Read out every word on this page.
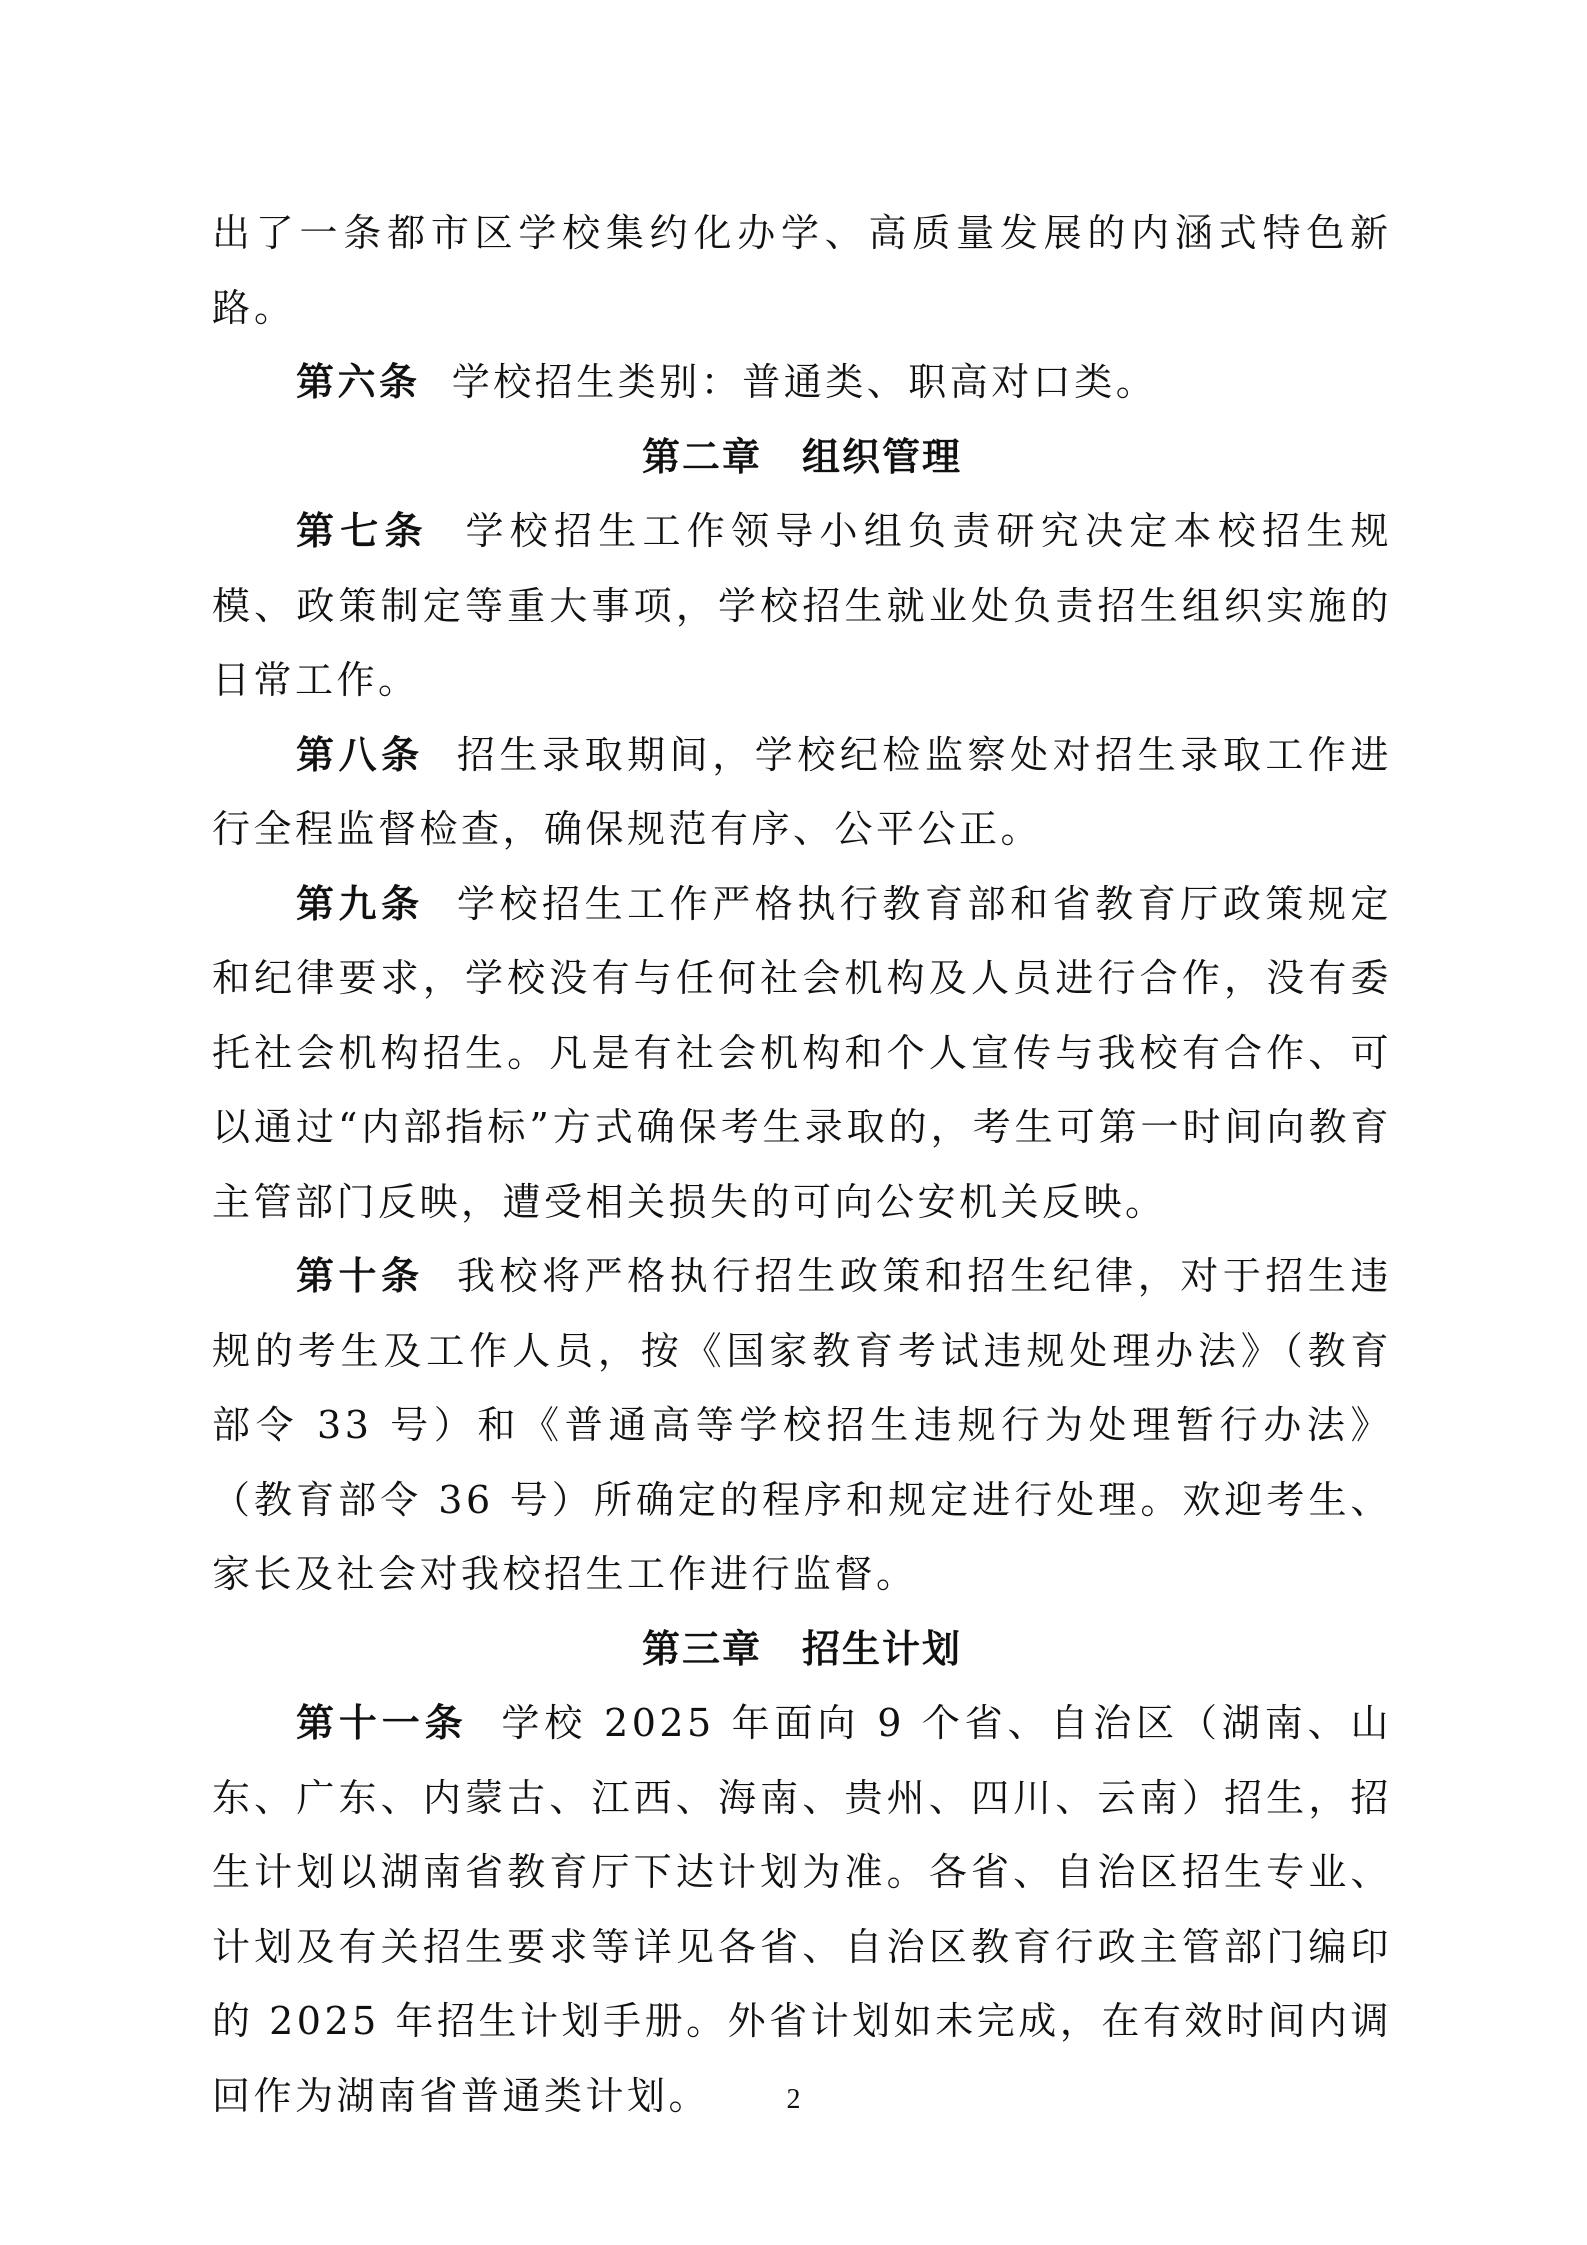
出了一条都市区学校集约化办学、高质量发展的内涵式特色新路。

第六条 学校招生类别：普通类、职高对口类。

第二章　组织管理

第七条 学校招生工作领导小组负责研究决定本校招生规模、政策制定等重大事项，学校招生就业处负责招生组织实施的日常工作。

第八条 招生录取期间，学校纪检监察处对招生录取工作进行全程监督检查，确保规范有序、公平公正。

第九条 学校招生工作严格执行教育部和省教育厅政策规定和纪律要求，学校没有与任何社会机构及人员进行合作，没有委托社会机构招生。凡是有社会机构和个人宣传与我校有合作、可以通过“内部指标”方式确保考生录取的，考生可第一时间向教育主管部门反映，遭受相关损失的可向公安机关反映。

第十条 我校将严格执行招生政策和招生纪律，对于招生违规的考生及工作人员，按《国家教育考试违规处理办法》（教育部令 33 号）和《普通高等学校招生违规行为处理暂行办法》（教育部令 36 号）所确定的程序和规定进行处理。欢迎考生、家长及社会对我校招生工作进行监督。

第三章　招生计划

第十一条 学校 2025 年面向 9 个省、自治区（湖南、山东、广东、内蒙古、江西、海南、贵州、四川、云南）招生，招生计划以湖南省教育厅下达计划为准。各省、自治区招生专业、计划及有关招生要求等详见各省、自治区教育行政主管部门编印的 2025 年招生计划手册。外省计划如未完成，在有效时间内调回作为湖南省普通类计划。	2
